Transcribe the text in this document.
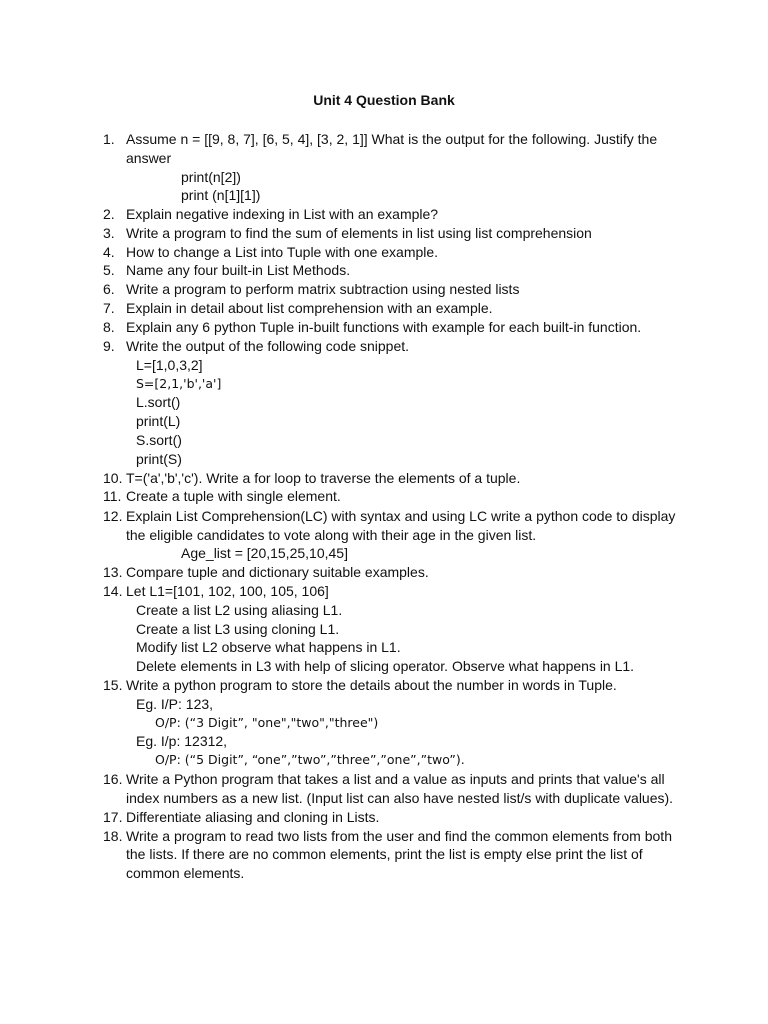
Unit 4 Question Bank
1. Assume n = [[9, 8, 7], [6, 5, 4], [3, 2, 1]] What is the output for the following. Justify the
answer
print(n[2])
print (n[1][1])
2. Explain negative indexing in List with an example?
3. Write a program to find the sum of elements in list using list comprehension
4. How to change a List into Tuple with one example.
5. Name any four built-in List Methods.
6. Write a program to perform matrix subtraction using nested lists
7. Explain in detail about list comprehension with an example.
8. Explain any 6 python Tuple in-built functions with example for each built-in function.
9. Write the output of the following code snippet.
L=[1,0,3,2]
S=[2,1,'b','a']
L.sort()
print(L)
S.sort()
print(S)
10. T=('a','b','c'). Write a for loop to traverse the elements of a tuple.
11. Create a tuple with single element.
12. Explain List Comprehension(LC) with syntax and using LC write a python code to display
the eligible candidates to vote along with their age in the given list.
Age_list = [20,15,25,10,45]
13. Compare tuple and dictionary suitable examples.
14. Let L1=[101, 102, 100, 105, 106]
Create a list L2 using aliasing L1.
Create a list L3 using cloning L1.
Modify list L2 observe what happens in L1.
Delete elements in L3 with help of slicing operator. Observe what happens in L1.
15. Write a python program to store the details about the number in words in Tuple.
Eg. I/P: 123,
O/P: (“3 Digit”, "one","two","three")
Eg. I/p: 12312,
O/P: (“5 Digit”, “one”,”two”,”three”,”one”,”two”).
16. Write a Python program that takes a list and a value as inputs and prints that value's all
index numbers as a new list. (Input list can also have nested list/s with duplicate values).
17. Differentiate aliasing and cloning in Lists.
18. Write a program to read two lists from the user and find the common elements from both
the lists. If there are no common elements, print the list is empty else print the list of
common elements.
